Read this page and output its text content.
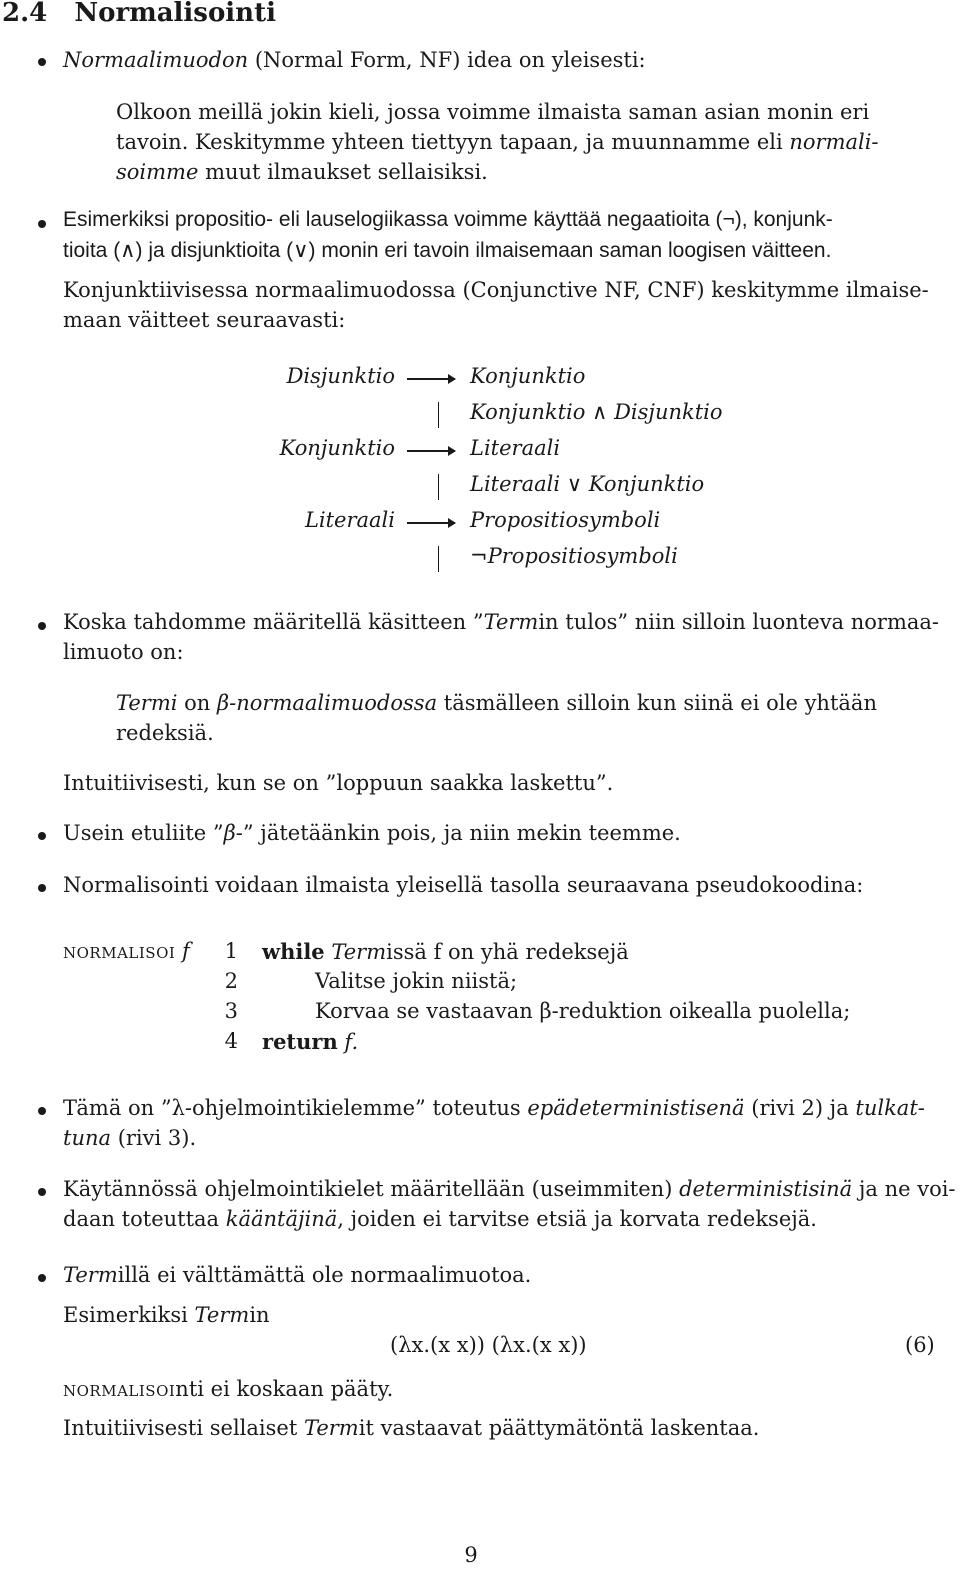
2.4 Normalisointi
Normaalimuodon (Normal Form, NF) idea on yleisesti:
Olkoon meillä jokin kieli, jossa voimme ilmaista saman asian monin eri
tavoin. Keskitymme yhteen tiettyyn tapaan, ja muunnamme eli normali-
soimme muut ilmaukset sellaisiksi.
Esimerkiksi propositio- eli lauselogiikassa voimme käyttää negaatioita (¬), konjunk-
tioita (∧) ja disjunktioita (∨) monin eri tavoin ilmaisemaan saman loogisen väitteen.
Konjunktiivisessa normaalimuodossa (Conjunctive NF, CNF) keskitymme ilmaise-
maan väitteet seuraavasti:
Disjunktio
Konjunktio
Literaali
Konjunktio
Konjunktio ∧ Disjunktio
Literaali
Literaali ∨ Konjunktio
Propositiosymboli
¬Propositiosymboli
Koska tahdomme määritellä käsitteen ”Termin tulos” niin silloin luonteva normaa-
limuoto on:
Termi on β-normaalimuodossa täsmälleen silloin kun siinä ei ole yhtään
redeksiä.
Intuitiivisesti, kun se on ”loppuun saakka laskettu”.
Usein etuliite ”β-” jätetäänkin pois, ja niin mekin teemme.
Normalisointi voidaan ilmaista yleisellä tasolla seuraavana pseudokoodina:
normalisoi f	1
2
3
4
while Termissä f on yhä redeksejä
Valitse jokin niistä;
Korvaa se vastaavan β-reduktion oikealla puolella;
return f.
Tämä on ”λ-ohjelmointikielemme” toteutus epädeterministisenä (rivi 2) ja tulkat-
tuna (rivi 3).
Käytännössä ohjelmointikielet määritellään (useimmiten) deterministisinä ja ne voi-
daan toteuttaa kääntäjinä, joiden ei tarvitse etsiä ja korvata redeksejä.
Termillä ei välttämättä ole normaalimuotoa.
Esimerkiksi Termin
(λx.(x x)) (λx.(x x))	(6)
normalisointi ei koskaan pääty.
Intuitiivisesti sellaiset Termit vastaavat päättymätöntä laskentaa.
9
